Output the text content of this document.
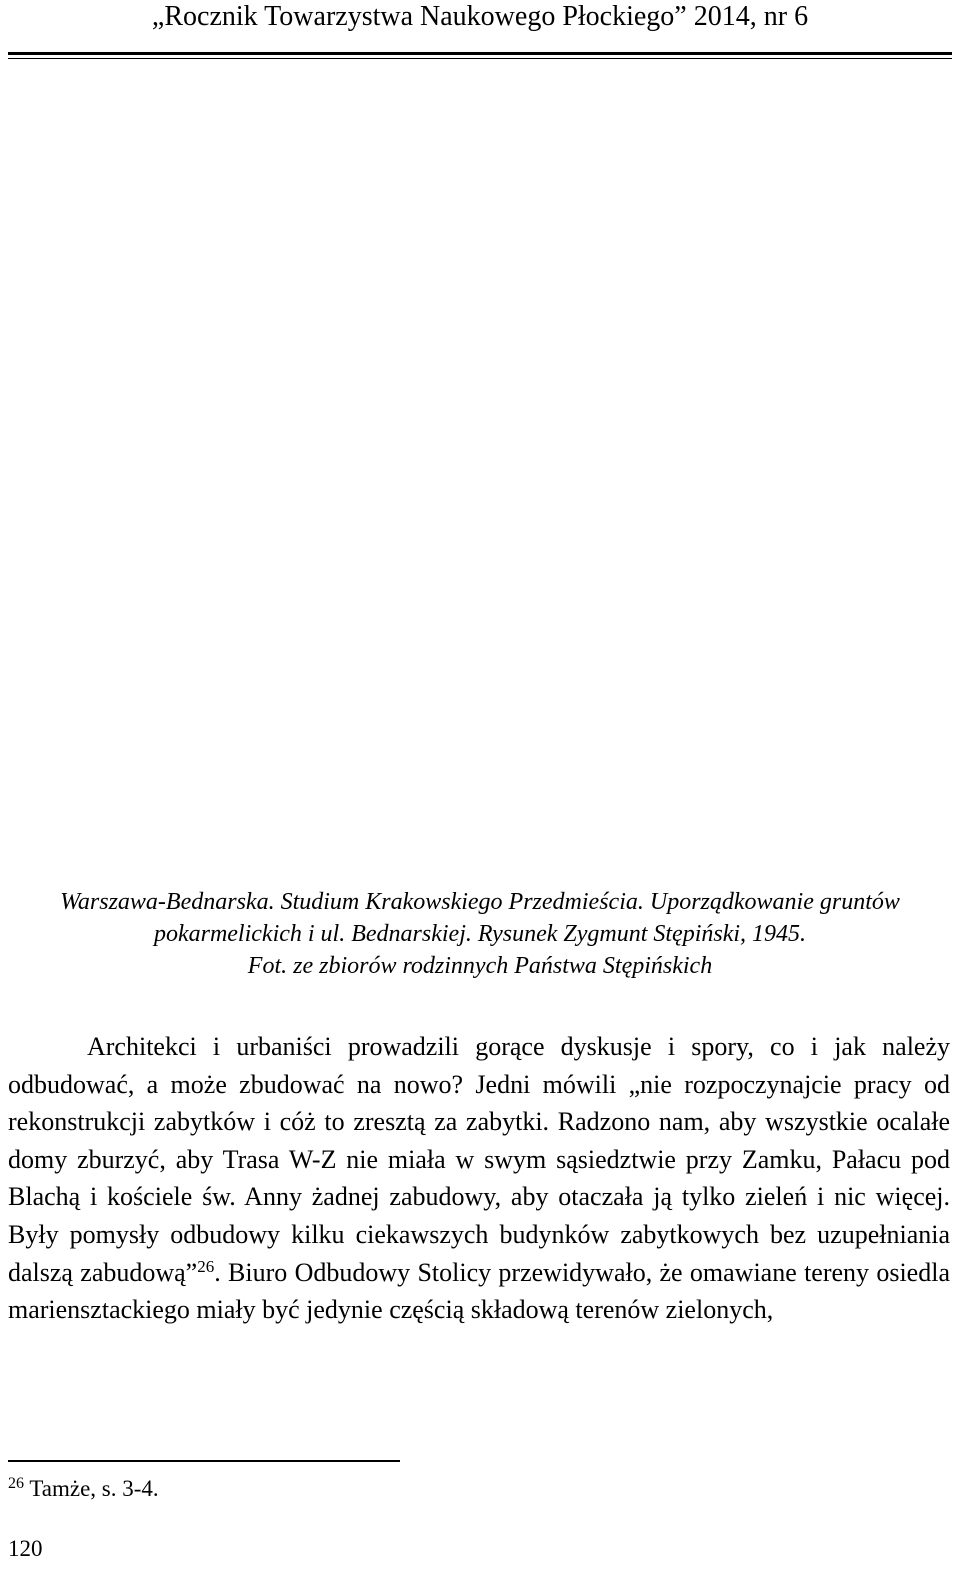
„Rocznik Towarzystwa Naukowego Płockiego” 2014, nr 6
Warszawa-Bednarska. Studium Krakowskiego Przedmieścia. Uporządkowanie gruntów
pokarmelickich i ul. Bednarskiej. Rysunek Zygmunt Stępiński, 1945.
Fot. ze zbiorów rodzinnych Państwa Stępińskich

Architekci i urbaniści prowadzili gorące dyskusje i spory, co i jak należy odbudować, a może zbudować na nowo? Jedni mówili „nie rozpoczynajcie pracy od rekonstrukcji zabytków i cóż to zresztą za zabytki. Radzono nam, aby wszystkie ocalałe domy zburzyć, aby Trasa W-Z nie miała w swym sąsiedztwie przy Zamku, Pałacu pod Blachą i kościele św. Anny żadnej zabudowy, aby otaczała ją tylko zieleń i nic więcej. Były pomysły odbudowy kilku ciekawszych budynków zabytkowych bez uzupełniania dalszą zabudową”$^{26}$. Biuro Odbudowy Stolicy przewidywało, że omawiane tereny osiedla mariensztackiego miały być jedynie częścią składową terenów zielonych,

$^{26}$ Tamże, s. 3-4.
120
